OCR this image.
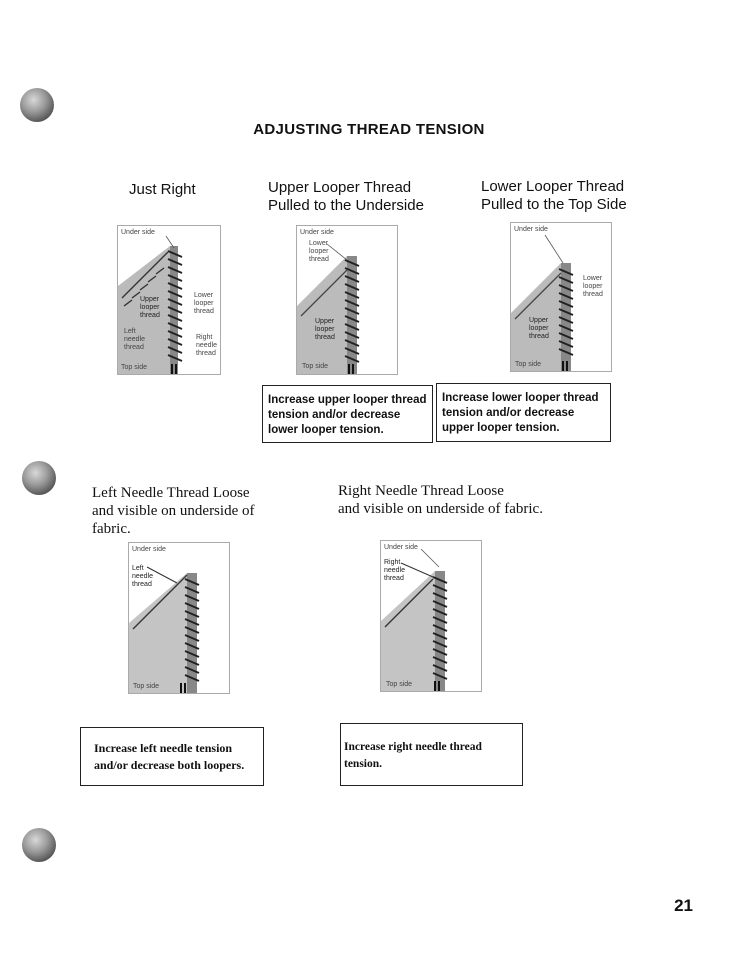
ADJUSTING THREAD TENSION
Just Right	Upper Looper Thread
Pulled to the Underside
Lower Looper Thread
Pulled to the Top Side
Under side
Upper looper thread
Lower looper thread
Left needle thread
Right needle thread
Top side
Under side
Lower looper thread
Upper looper thread
Top side
Under side
Lower looper thread
Upper looper thread
Top side
Increase upper looper thread tension and/or decrease lower looper tension.
Increase lower looper thread tension and/or decrease upper looper tension.
Left Needle Thread Loose
and visible on underside of
fabric.
Right Needle Thread Loose
and visible on underside of fabric.
Under side
Left needle thread
Top side
Under side
Right needle thread
Top side
Increase left needle tension
and/or decrease both loopers.
Increase right needle thread tension.
21
